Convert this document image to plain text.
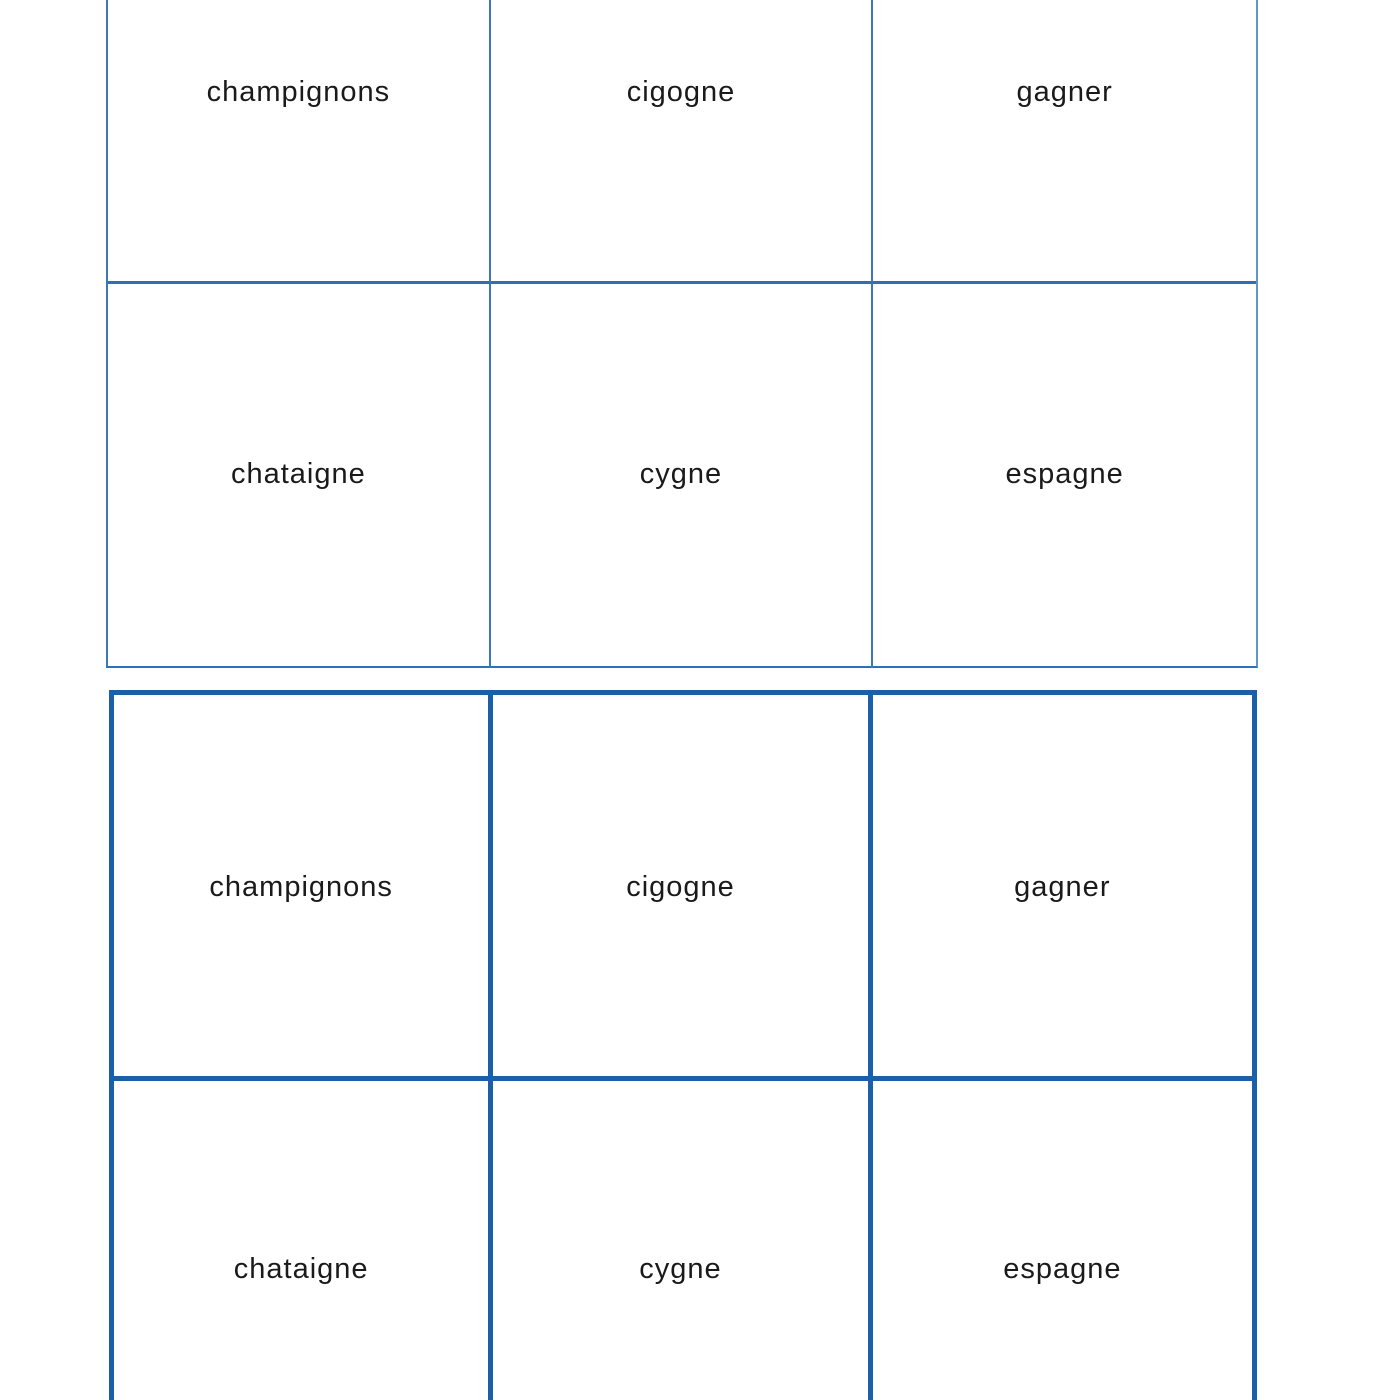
champignons	cigogne	gagner
chataigne	cygne	espagne
champignons	cigogne	gagner
chataigne	cygne	espagne
